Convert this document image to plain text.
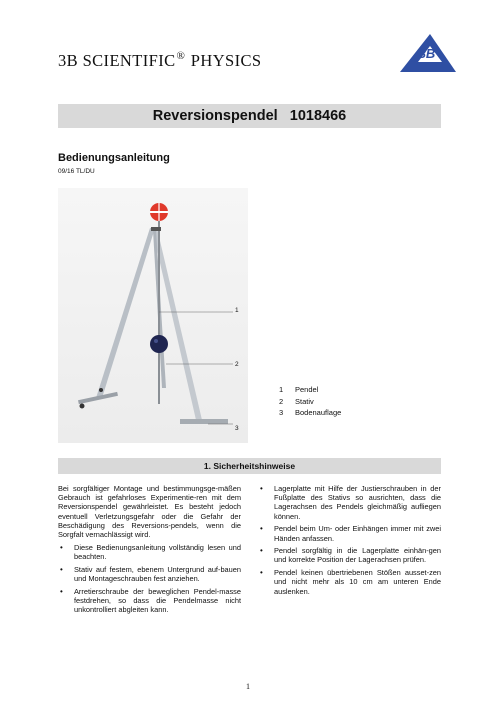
3B SCIENTIFIC® PHYSICS	3B
Reversionspendel   1018466
Bedienungsanleitung
09/16 TL/DU
1
2
3
1	Pendel
2	Stativ
3	Bodenauflage
1. Sicherheitshinweise

Bei sorgfältiger Montage und bestimmungsge-mäßen Gebrauch ist gefahrloses Experimentie-ren mit dem Reversionspendel gewährleistet. Es besteht jedoch eventuell Verletzungsgefahr oder die Gefahr der Beschädigung des Reversions-pendels, wenn die Sorgfalt vernachlässigt wird.

• Diese Bedienungsanleitung vollständig lesen und beachten.
• Stativ auf festem, ebenem Untergrund auf-bauen und Montageschrauben fest anziehen.
• Arretierschraube der beweglichen Pendel-masse festdrehen, so dass die Pendelmasse nicht unkontrolliert abgleiten kann.
• Lagerplatte mit Hilfe der Justierschrauben in der Fußplatte des Stativs so ausrichten, dass die Lagerachsen des Pendels gleichmäßig aufliegen können.
• Pendel beim Um- oder Einhängen immer mit zwei Händen anfassen.
• Pendel sorgfältig in die Lagerplatte einhän-gen und korrekte Position der Lagerachsen prüfen.
• Pendel keinen übertriebenen Stößen ausset-zen und nicht mehr als 10 cm am unteren Ende auslenken.
1
